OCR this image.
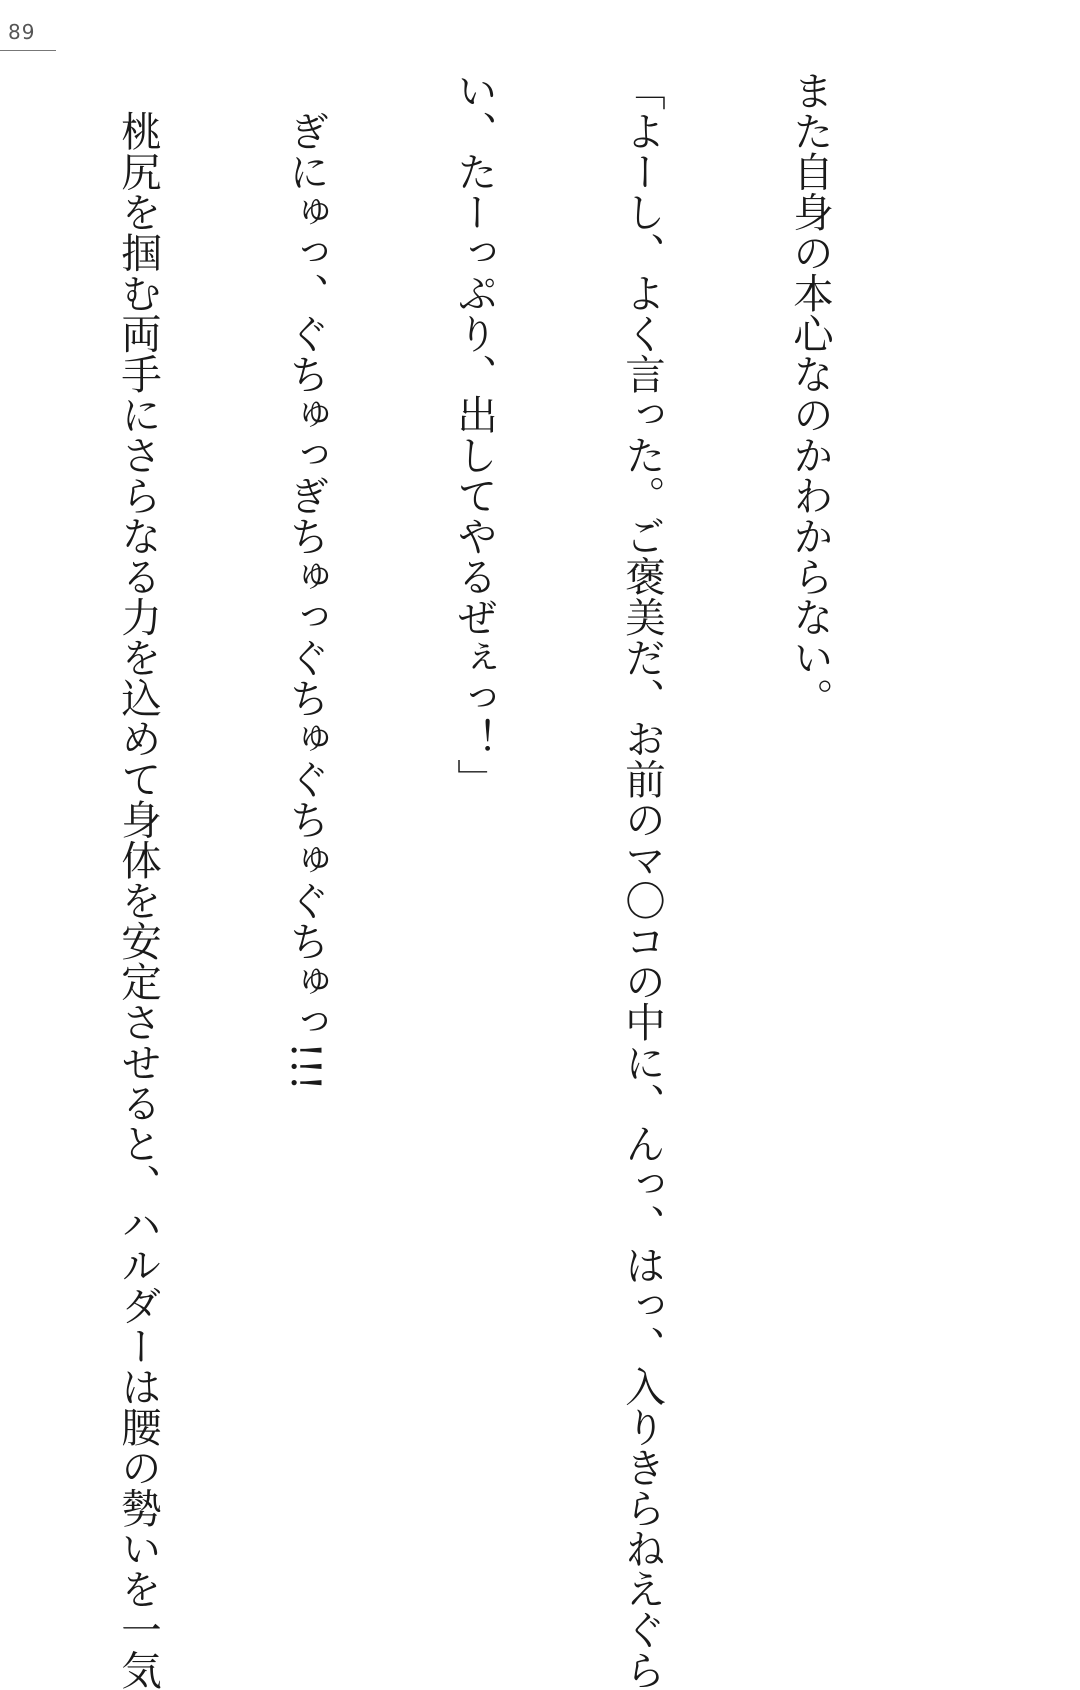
89

また自身の本心なのかわからない。

「よーし、よく言った。ご褒美だ、お前のマ〇コの中に、んっ、はっ、入りきらねえぐら

い、たーっぷり、出してやるぜぇっ！」

　ぎにゅっ、ぐちゅっぎちゅっぐちゅぐちゅぐちゅっ!!!

　桃尻を掴む両手にさらなる力を込めて身体を安定させると、ハルダーは腰の勢いを一気
